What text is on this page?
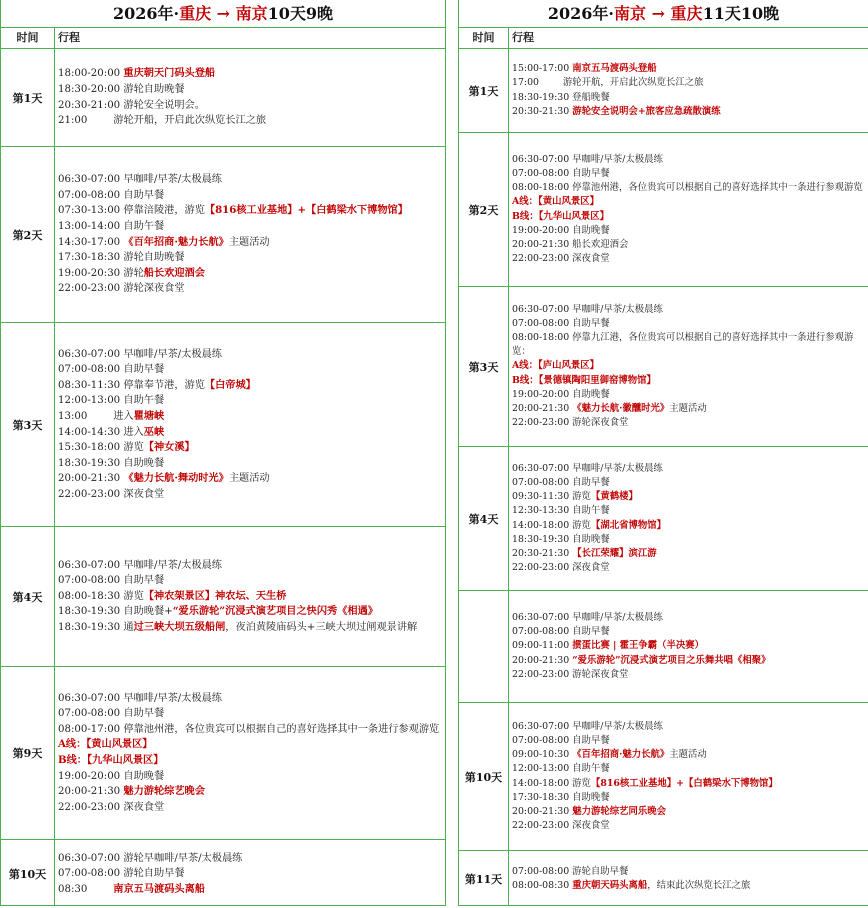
2026年·重庆 → 南京10天9晚
时间	行程
第1天
18:00-20:00 重庆朝天门码头登船
18:30-20:00 游轮自助晚餐
20:30-21:00 游轮安全说明会。
21:00        游轮开船，开启此次纵览长江之旅
第2天
06:30-07:00 早咖啡/早茶/太极晨练
07:00-08:00 自助早餐
07:30-13:00 停靠涪陵港，游览【816核工业基地】+【白鹤梁水下博物馆】
13:00-14:00 自助午餐
14:30-17:00 《百年招商·魅力长航》主题活动
17:30-18:30 游轮自助晚餐
19:00-20:30 游轮船长欢迎酒会
22:00-23:00 游轮深夜食堂
第3天
06:30-07:00 早咖啡/早茶/太极晨练
07:00-08:00 自助早餐
08:30-11:30 停靠奉节港，游览【白帝城】
12:00-13:00 自助午餐
13:00        进入瞿塘峡
14:00-14:30 进入巫峡
15:30-18:00 游览【神女溪】
18:30-19:30 自助晚餐
20:00-21:30 《魅力长航·舞动时光》主题活动
22:00-23:00 深夜食堂
第4天
06:30-07:00 早咖啡/早茶/太极晨练
07:00-08:00 自助早餐
08:00-18:30 游览【神农架景区】神农坛、天生桥
18:30-19:30 自助晚餐+“爱乐游轮”沉浸式演艺项目之快闪秀《相遇》
18:30-19:30 通过三峡大坝五级船闸，夜泊黄陵庙码头+三峡大坝过闸观景讲解
第9天
06:30-07:00 早咖啡/早茶/太极晨练
07:00-08:00 自助早餐
08:00-17:00 停靠池州港，各位贵宾可以根据自己的喜好选择其中一条进行参观游览
A线：【黄山风景区】
B线：【九华山风景区】
19:00-20:00 自助晚餐
20:00-21:30 魅力游轮综艺晚会
22:00-23:00 深夜食堂
第10天
06:30-07:00 游轮早咖啡/早茶/太极晨练
07:00-08:00 游轮自助早餐
08:30        南京五马渡码头离船
2026年·南京 → 重庆11天10晚
时间	行程
第1天
15:00-17:00 南京五马渡码头登船
17:00        游轮开航，开启此次纵览长江之旅
18:30-19:30 登船晚餐
20:30-21:30 游轮安全说明会+旅客应急疏散演练
第2天
06:30-07:00 早咖啡/早茶/太极晨练
07:00-08:00 自助早餐
08:00-18:00 停靠池州港，各位贵宾可以根据自己的喜好选择其中一条进行参观游览
A线：【黄山风景区】
B线：【九华山风景区】
19:00-20:00 自助晚餐
20:00-21:30 船长欢迎酒会
22:00-23:00 深夜食堂
第3天
06:30-07:00 早咖啡/早茶/太极晨练
07:00-08:00 自助早餐
08:00-18:00 停靠九江港，各位贵宾可以根据自己的喜好选择其中一条进行参观游览：
A线：【庐山风景区】
B线：【景德镇陶阳里御窑博物馆】
19:00-20:00 自助晚餐
20:00-21:30 《魅力长航·徽醺时光》主题活动
22:00-23:00 游轮深夜食堂
第4天
06:30-07:00 早咖啡/早茶/太极晨练
07:00-08:00 自助早餐
09:30-11:30 游览【黄鹤楼】
12:30-13:30 自助午餐
14:00-18:00 游览【湖北省博物馆】
18:30-19:30 自助晚餐
20:30-21:30 【长江荣耀】滨江游
22:00-23:00 深夜食堂
06:30-07:00 早咖啡/早茶/太极晨练
07:00-08:00 自助早餐
09:00-11:00 掼蛋比赛 | 霍王争霸（半决赛）
20:00-21:30 “爱乐游轮”沉浸式演艺项目之乐舞共唱《相聚》
22:00-23:00 游轮深夜食堂
第10天
06:30-07:00 早咖啡/早茶/太极晨练
07:00-08:00 自助早餐
09:00-10:30 《百年招商·魅力长航》主题活动
12:00-13:00 自助午餐
14:00-18:00 游览【816核工业基地】+【白鹤梁水下博物馆】
17:30-18:30 自助晚餐
20:00-21:30 魅力游轮综艺同乐晚会
22:00-23:00 深夜食堂
第11天
07:00-08:00 游轮自助早餐
08:00-08:30 重庆朝天码头离船，结束此次纵览长江之旅
